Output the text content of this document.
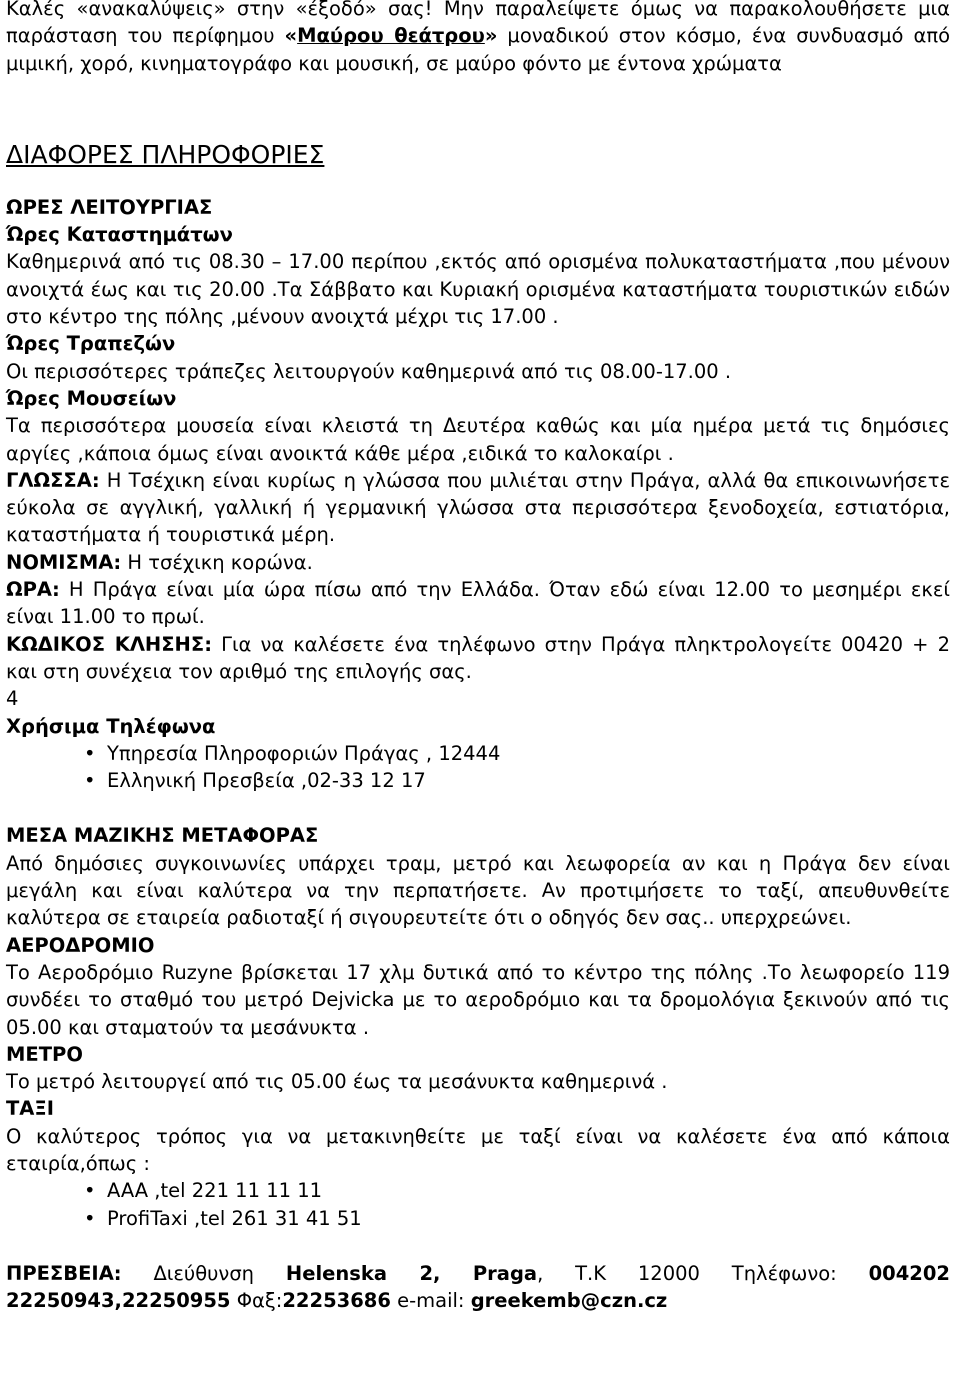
Καλές «ανακαλύψεις» στην «έξοδό» σας! Μην παραλείψετε όμως να παρακολουθήσετε μια παράσταση του περίφημου «Μαύρου θεάτρου» μοναδικού στον κόσμο, ένα συνδυασμό από μιμική, χορό, κινηματογράφο και μουσική, σε μαύρο φόντο με έντονα χρώματα

ΔΙΑΦΟΡΕΣ ΠΛΗΡΟΦΟΡΙΕΣ

ΩΡΕΣ ΛΕΙΤΟΥΡΓΙΑΣ

Ώρες Καταστημάτων

Καθημερινά από τις 08.30 – 17.00 περίπου ,εκτός από ορισμένα πολυκαταστήματα ,που μένουν ανοιχτά έως και τις 20.00 .Τα Σάββατο και Κυριακή ορισμένα καταστήματα τουριστικών ειδών στο κέντρο της πόλης ,μένουν ανοιχτά μέχρι τις 17.00 .

Ώρες Τραπεζών

Οι περισσότερες τράπεζες λειτουργούν καθημερινά από τις 08.00-17.00 .

Ώρες Μουσείων

Τα περισσότερα μουσεία είναι κλειστά τη Δευτέρα καθώς και μία ημέρα μετά τις δημόσιες αργίες ,κάποια όμως είναι ανοικτά κάθε μέρα ,ειδικά το καλοκαίρι .

ΓΛΩΣΣΑ: Η Τσέχικη είναι κυρίως η γλώσσα που μιλιέται στην Πράγα, αλλά θα επικοινωνήσετε εύκολα σε αγγλική, γαλλική ή γερμανική γλώσσα στα περισσότερα ξενοδοχεία, εστιατόρια, καταστήματα ή τουριστικά μέρη.

ΝΟΜΙΣΜΑ: Η τσέχικη κορώνα.

ΩΡΑ: Η Πράγα είναι μία ώρα πίσω από την Ελλάδα. Όταν εδώ είναι 12.00 το μεσημέρι εκεί είναι 11.00 το πρωί.

ΚΩΔΙΚΟΣ ΚΛΗΣΗΣ: Για να καλέσετε ένα τηλέφωνο στην Πράγα πληκτρολογείτε 00420 + 2 και στη συνέχεια τον αριθμό της επιλογής σας.

4

Χρήσιμα Τηλέφωνα

• Υπηρεσία Πληροφοριών Πράγας , 12444
• Ελληνική Πρεσβεία ,02-33 12 17

ΜΕΣΑ ΜΑΖΙΚΗΣ ΜΕΤΑΦΟΡΑΣ

Από δημόσιες συγκοινωνίες υπάρχει τραμ, μετρό και λεωφορεία αν και η Πράγα δεν είναι μεγάλη και είναι καλύτερα να την περπατήσετε. Αν προτιμήσετε το ταξί, απευθυνθείτε καλύτερα σε εταιρεία ραδιοταξί ή σιγουρευτείτε ότι ο οδηγός δεν σας.. υπερχρεώνει.

ΑΕΡΟΔΡΟΜΙΟ

Το Αεροδρόμιο Ruzyne βρίσκεται 17 χλμ δυτικά από το κέντρο της πόλης .Το λεωφορείο 119 συνδέει το σταθμό του μετρό Dejvicka με το αεροδρόμιο και τα δρομολόγια ξεκινούν από τις 05.00 και σταματούν τα μεσάνυκτα .

ΜΕΤΡΟ

Το μετρό λειτουργεί από τις 05.00 έως τα μεσάνυκτα καθημερινά .

ΤΑΞΙ

Ο καλύτερος τρόπος για να μετακινηθείτε με ταξί είναι να καλέσετε ένα από κάποια εταιρία,όπως :

• AAA ,tel 221 11 11 11
• ProfiTaxi ,tel 261 31 41 51

ΠΡΕΣΒΕΙΑ: Διεύθυνση Helenska 2, Praga, Τ.Κ 12000 Τηλέφωνο: 004202 22250943,22250955 Φαξ:22253686 e-mail: greekemb@czn.cz
